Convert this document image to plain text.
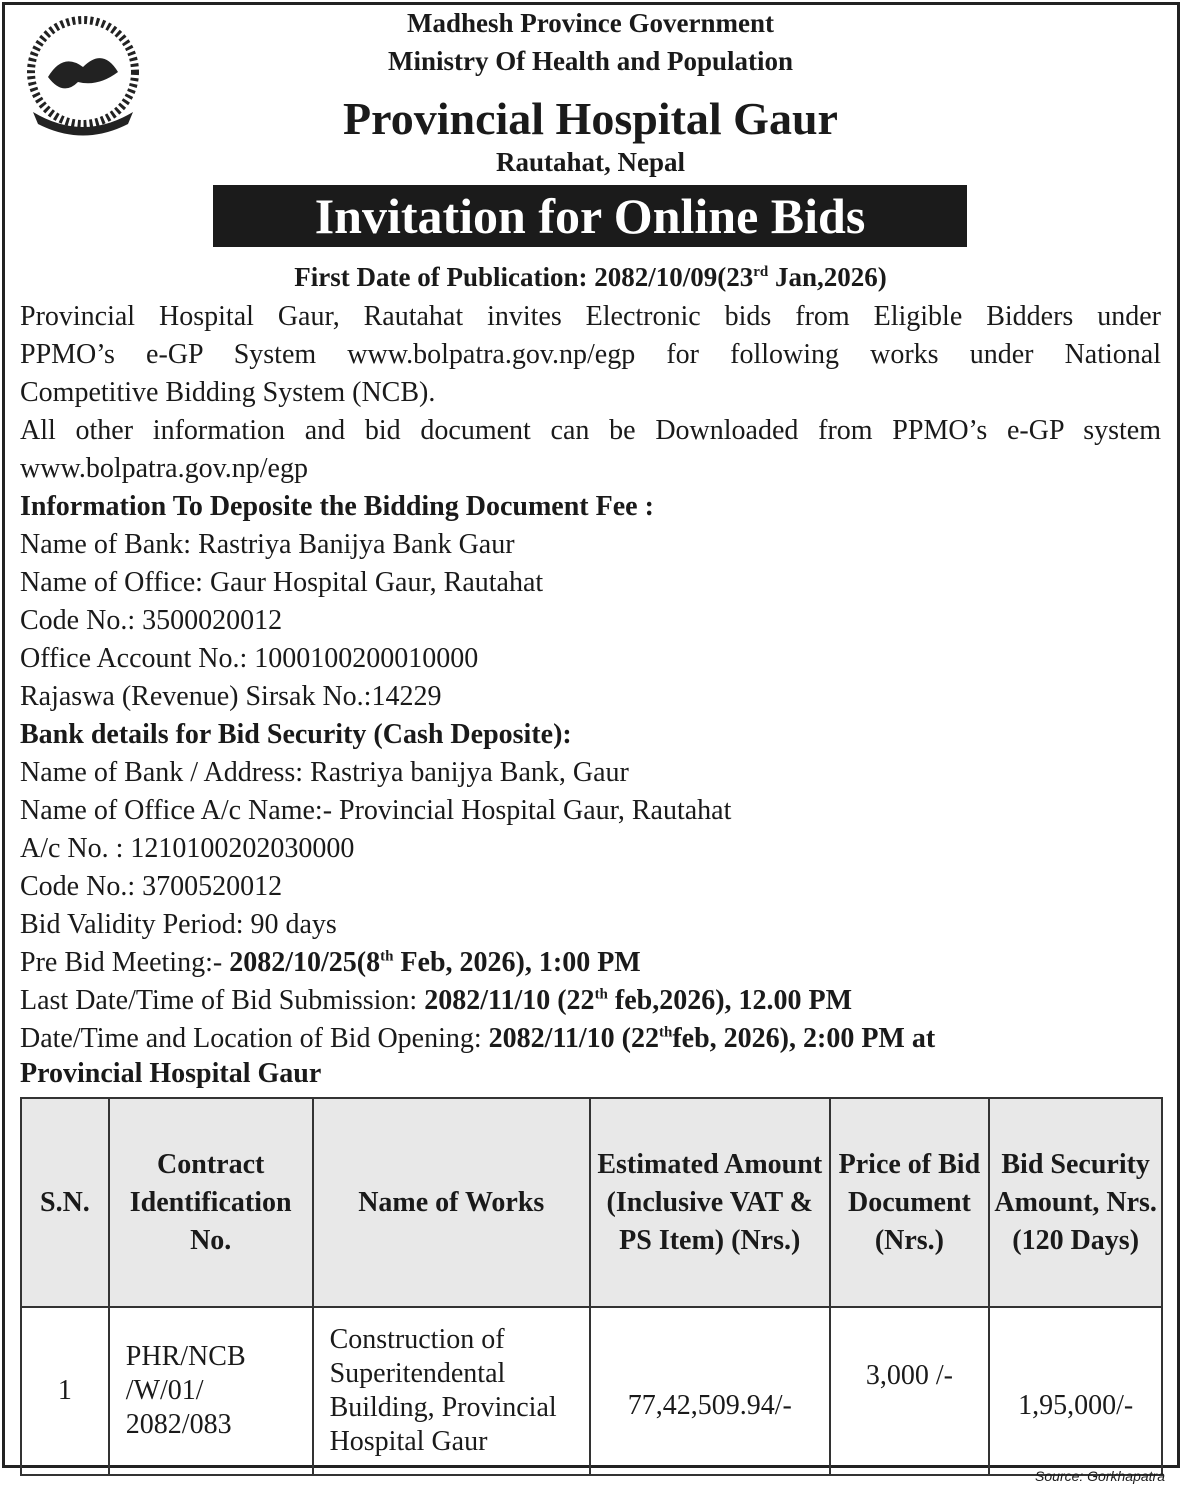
Madhesh Province Government
Ministry Of Health and Population
Provincial Hospital Gaur
Rautahat, Nepal
Invitation for Online Bids
First Date of Publication: 2082/10/09(23rd Jan,2026)
Provincial Hospital Gaur, Rautahat invites Electronic bids from Eligible Bidders under
PPMO’s e-GP System www.bolpatra.gov.np/egp for following works under National
Competitive Bidding System (NCB).
All other information and bid document can be Downloaded from PPMO’s e-GP system
www.bolpatra.gov.np/egp
Information To Deposite the Bidding Document Fee :
Name of Bank: Rastriya Banijya Bank Gaur
Name of Office: Gaur Hospital Gaur, Rautahat
Code No.: 3500020012
Office Account No.: 1000100200010000
Rajaswa (Revenue) Sirsak No.:14229
Bank details for Bid Security (Cash Deposite):
Name of Bank / Address: Rastriya banijya Bank, Gaur
Name of Office A/c Name:- Provincial Hospital Gaur, Rautahat
A/c No. : 1210100202030000
Code No.: 3700520012
Bid Validity Period: 90 days
Pre Bid Meeting:- 2082/10/25(8th Feb, 2026), 1:00 PM
Last Date/Time of Bid Submission: 2082/11/10 (22th feb,2026), 12.00 PM
Date/Time and Location of Bid Opening: 2082/11/10 (22thfeb, 2026), 2:00 PM at
Provincial Hospital Gaur
S.N.	Contract Identification No.	Name of Works	Estimated Amount (Inclusive VAT & PS Item) (Nrs.)	Price of Bid Document (Nrs.)	Bid Security Amount, Nrs. (120 Days)
1	PHR/NCB /W/01/ 2082/083	Construction of Superitendental Building, Provincial Hospital Gaur	77,42,509.94/-	3,000 /-	1,95,000/-
Source: Gorkhapatra
